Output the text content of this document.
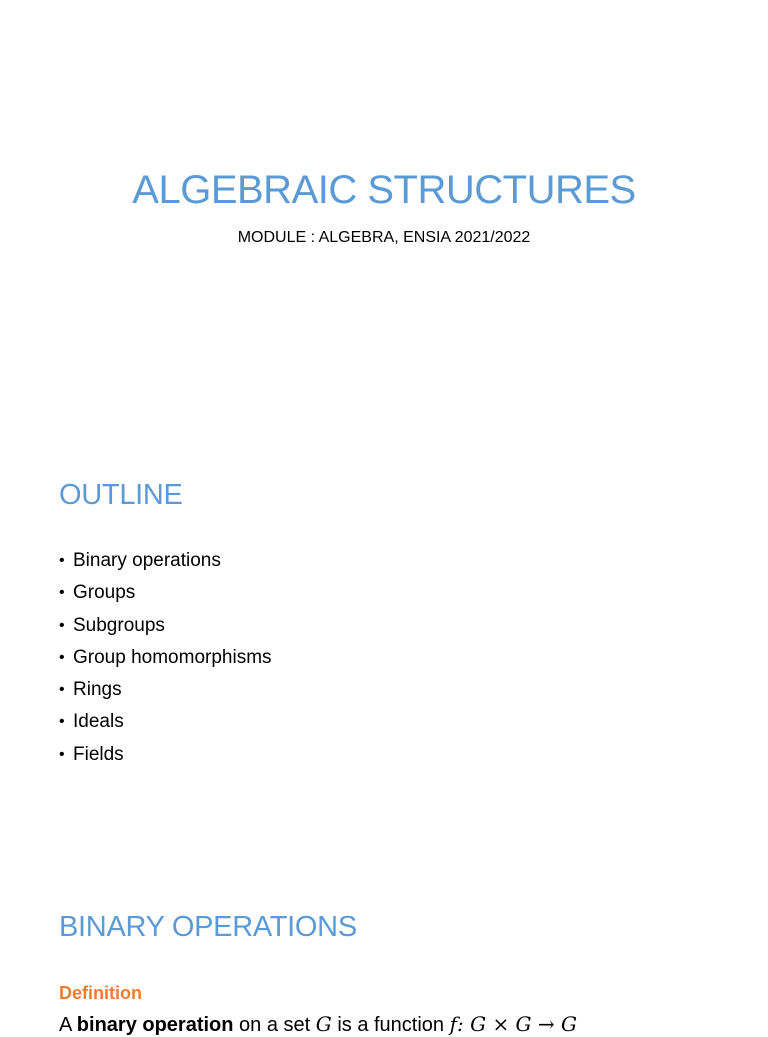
ALGEBRAIC STRUCTURES
MODULE : ALGEBRA, ENSIA 2021/2022
OUTLINE
• Binary operations
• Groups
• Subgroups
• Group homomorphisms
• Rings
• Ideals
• Fields
BINARY OPERATIONS
Definition
A binary operation on a set G is a function f: G × G → G
